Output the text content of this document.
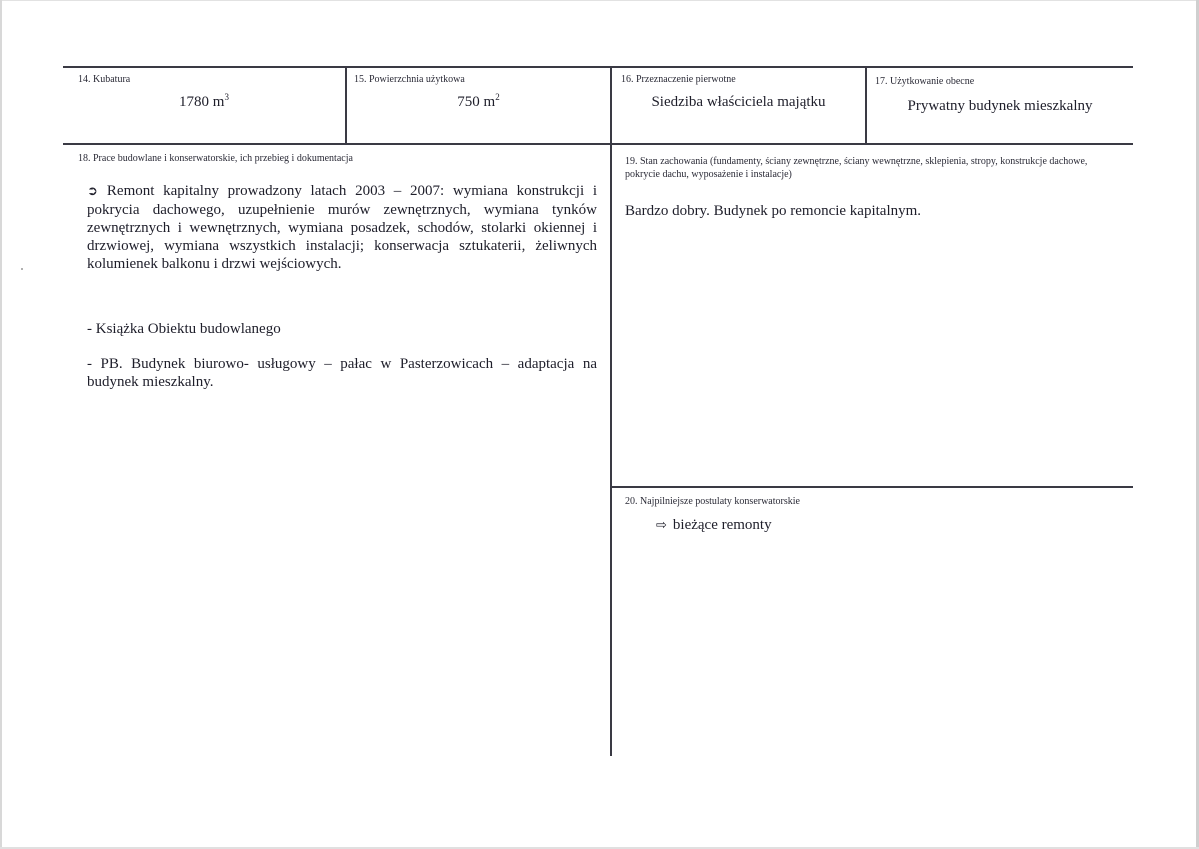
14. Kubatura
1780 $m^3$
15. Powierzchnia użytkowa
750 $m^2$
16. Przeznaczenie pierwotne
Siedziba właściciela majątku
17. Użytkowanie obecne
Prywatny budynek mieszkalny
18. Prace budowlane i konserwatorskie, ich przebieg i dokumentacja
➲ Remont kapitalny prowadzony latach 2003 – 2007: wymiana konstrukcji i pokrycia dachowego, uzupełnienie murów zewnętrznych, wymiana tynków zewnętrznych i wewnętrznych, wymiana posadzek, schodów, stolarki okiennej i drzwiowej, wymiana wszystkich instalacji; konserwacja sztukaterii, żeliwnych kolumienek balkonu i drzwi wejściowych.
- Książka Obiektu budowlanego
- PB. Budynek biurowo- usługowy – pałac w Pasterzowicach – adaptacja na budynek mieszkalny.
19. Stan zachowania (fundamenty, ściany zewnętrzne, ściany wewnętrzne, sklepienia, stropy, konstrukcje dachowe, pokrycie dachu, wyposażenie i instalacje)
Bardzo dobry. Budynek po remoncie kapitalnym.
20. Najpilniejsze postulaty konserwatorskie
⇨ bieżące remonty
